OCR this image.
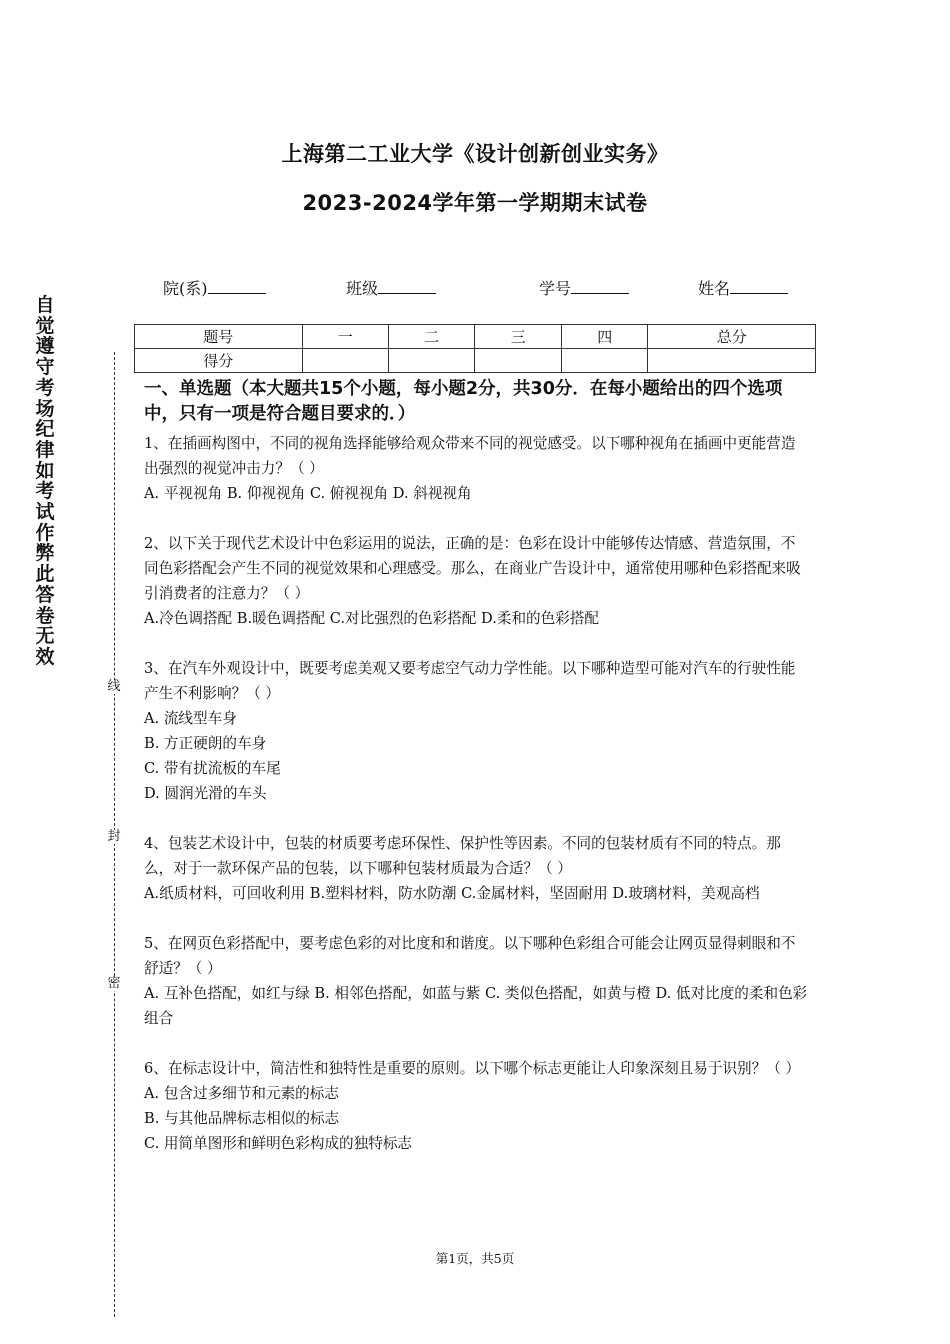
上海第二工业大学《设计创新创业实务》
2023-2024学年第一学期期末试卷
院(系)	班级	学号	姓名
题号	一	二	三	四	总分
得分					
自觉遵守考场纪律如考试作弊此答卷无效
线
封
密
一、单选题（本大题共15个小题，每小题2分，共30分．在每小题给出的四个选项中，只有一项是符合题目要求的．）

1、在插画构图中，不同的视角选择能够给观众带来不同的视觉感受。以下哪种视角在插画中更能营造出强烈的视觉冲击力？（ ）

A. 平视视角 B. 仰视视角 C. 俯视视角 D. 斜视视角

2、以下关于现代艺术设计中色彩运用的说法，正确的是：色彩在设计中能够传达情感、营造氛围，不同色彩搭配会产生不同的视觉效果和心理感受。那么，在商业广告设计中，通常使用哪种色彩搭配来吸引消费者的注意力？（ ）

A.冷色调搭配 B.暖色调搭配 C.对比强烈的色彩搭配 D.柔和的色彩搭配

3、在汽车外观设计中，既要考虑美观又要考虑空气动力学性能。以下哪种造型可能对汽车的行驶性能产生不利影响？（ ）

A. 流线型车身

B. 方正硬朗的车身

C. 带有扰流板的车尾

D. 圆润光滑的车头

4、包装艺术设计中，包装的材质要考虑环保性、保护性等因素。不同的包装材质有不同的特点。那么，对于一款环保产品的包装，以下哪种包装材质最为合适？（ ）

A.纸质材料，可回收利用 B.塑料材料，防水防潮 C.金属材料，坚固耐用 D.玻璃材料，美观高档

5、在网页色彩搭配中，要考虑色彩的对比度和和谐度。以下哪种色彩组合可能会让网页显得刺眼和不舒适？（ ）

A. 互补色搭配，如红与绿 B. 相邻色搭配，如蓝与紫 C. 类似色搭配，如黄与橙 D. 低对比度的柔和色彩组合

6、在标志设计中，简洁性和独特性是重要的原则。以下哪个标志更能让人印象深刻且易于识别？（ ）

A. 包含过多细节和元素的标志

B. 与其他品牌标志相似的标志

C. 用简单图形和鲜明色彩构成的独特标志

第1页，共5页
